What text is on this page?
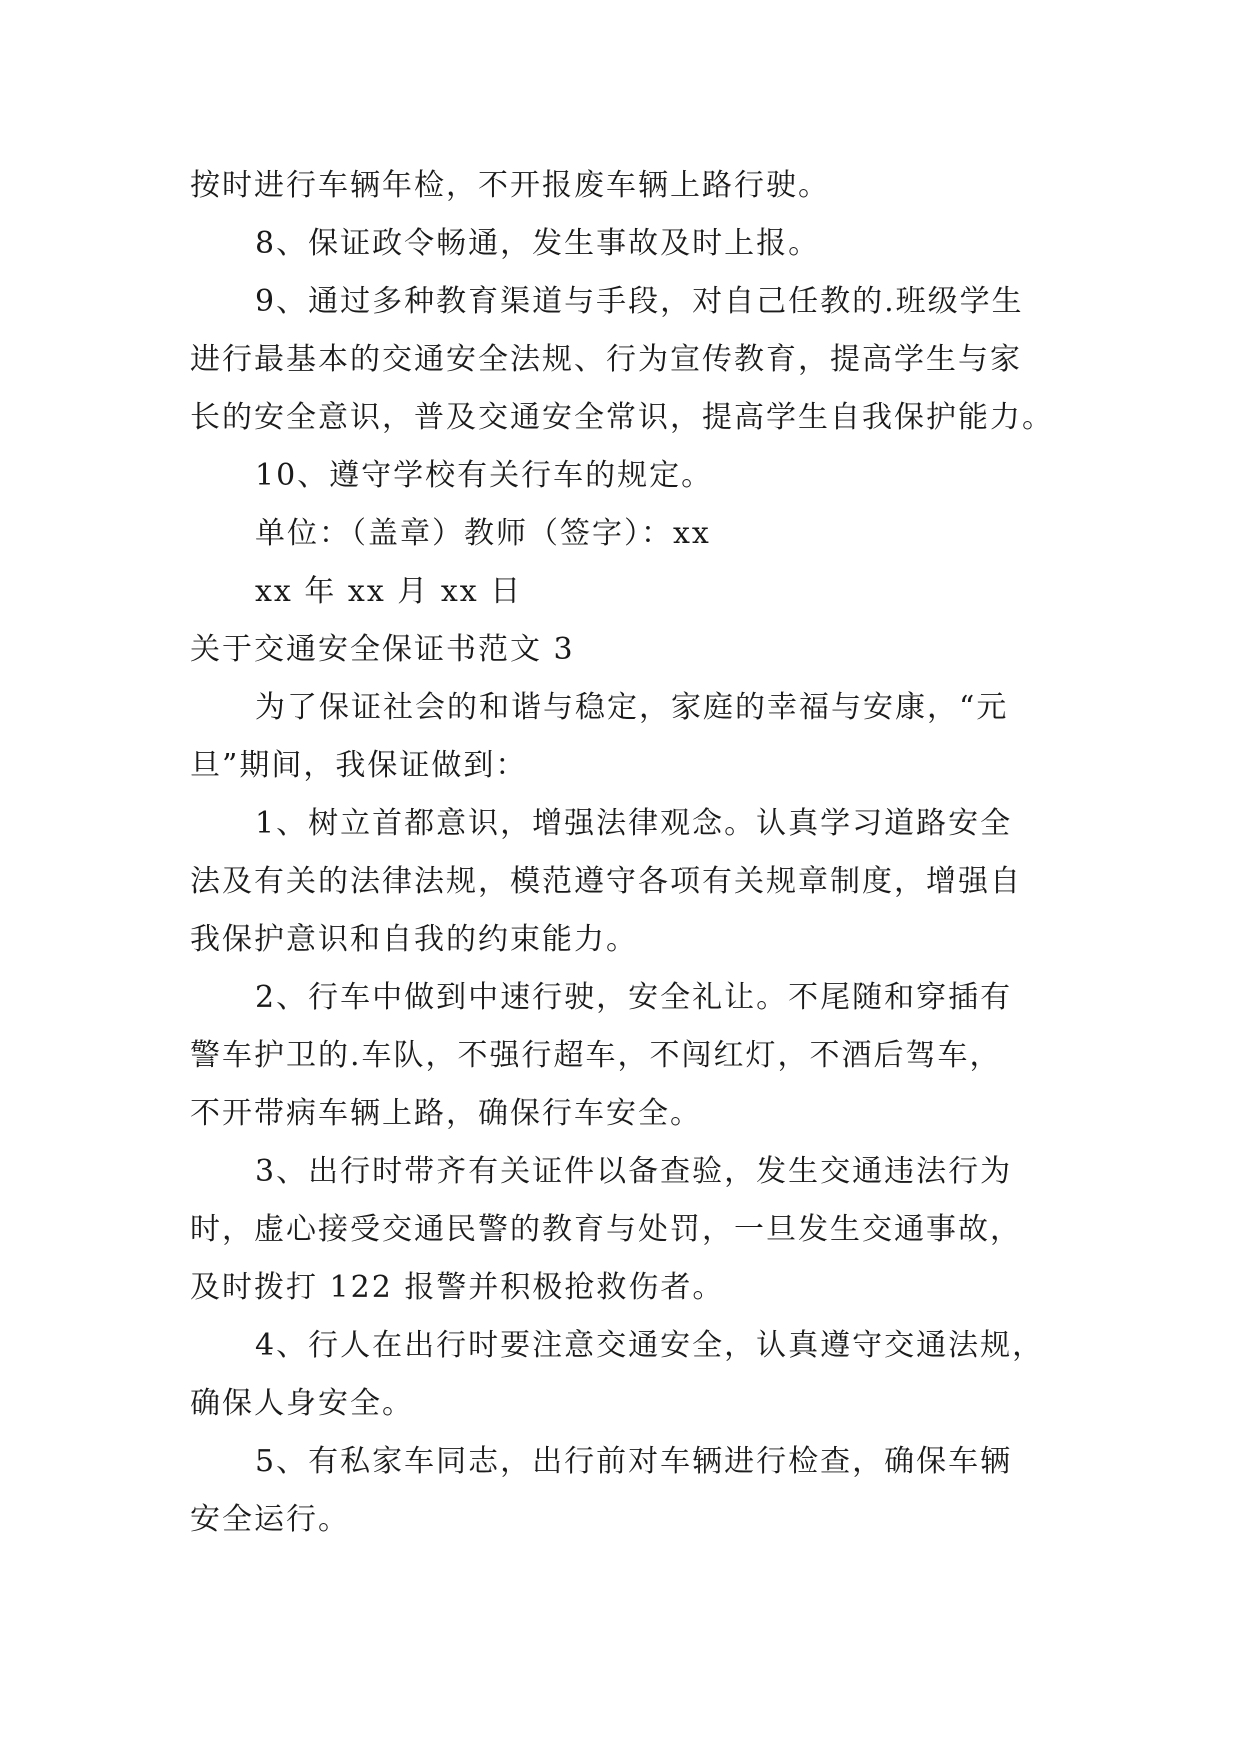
按时进行车辆年检，不开报废车辆上路行驶。

8、保证政令畅通，发生事故及时上报。

9、通过多种教育渠道与手段，对自己任教的.班级学生

进行最基本的交通安全法规、行为宣传教育，提高学生与家

长的安全意识，普及交通安全常识，提高学生自我保护能力。

10、遵守学校有关行车的规定。

单位：（盖章）教师（签字）：xx

xx 年 xx 月 xx 日

关于交通安全保证书范文 3

为了保证社会的和谐与稳定，家庭的幸福与安康，“元

旦”期间，我保证做到：

1、树立首都意识，增强法律观念。认真学习道路安全

法及有关的法律法规，模范遵守各项有关规章制度，增强自

我保护意识和自我的约束能力。

2、行车中做到中速行驶，安全礼让。不尾随和穿插有

警车护卫的.车队，不强行超车，不闯红灯，不酒后驾车，

不开带病车辆上路，确保行车安全。

3、出行时带齐有关证件以备查验，发生交通违法行为

时，虚心接受交通民警的教育与处罚，一旦发生交通事故，

及时拨打 122 报警并积极抢救伤者。

4、行人在出行时要注意交通安全，认真遵守交通法规，

确保人身安全。

5、有私家车同志，出行前对车辆进行检查，确保车辆

安全运行。
